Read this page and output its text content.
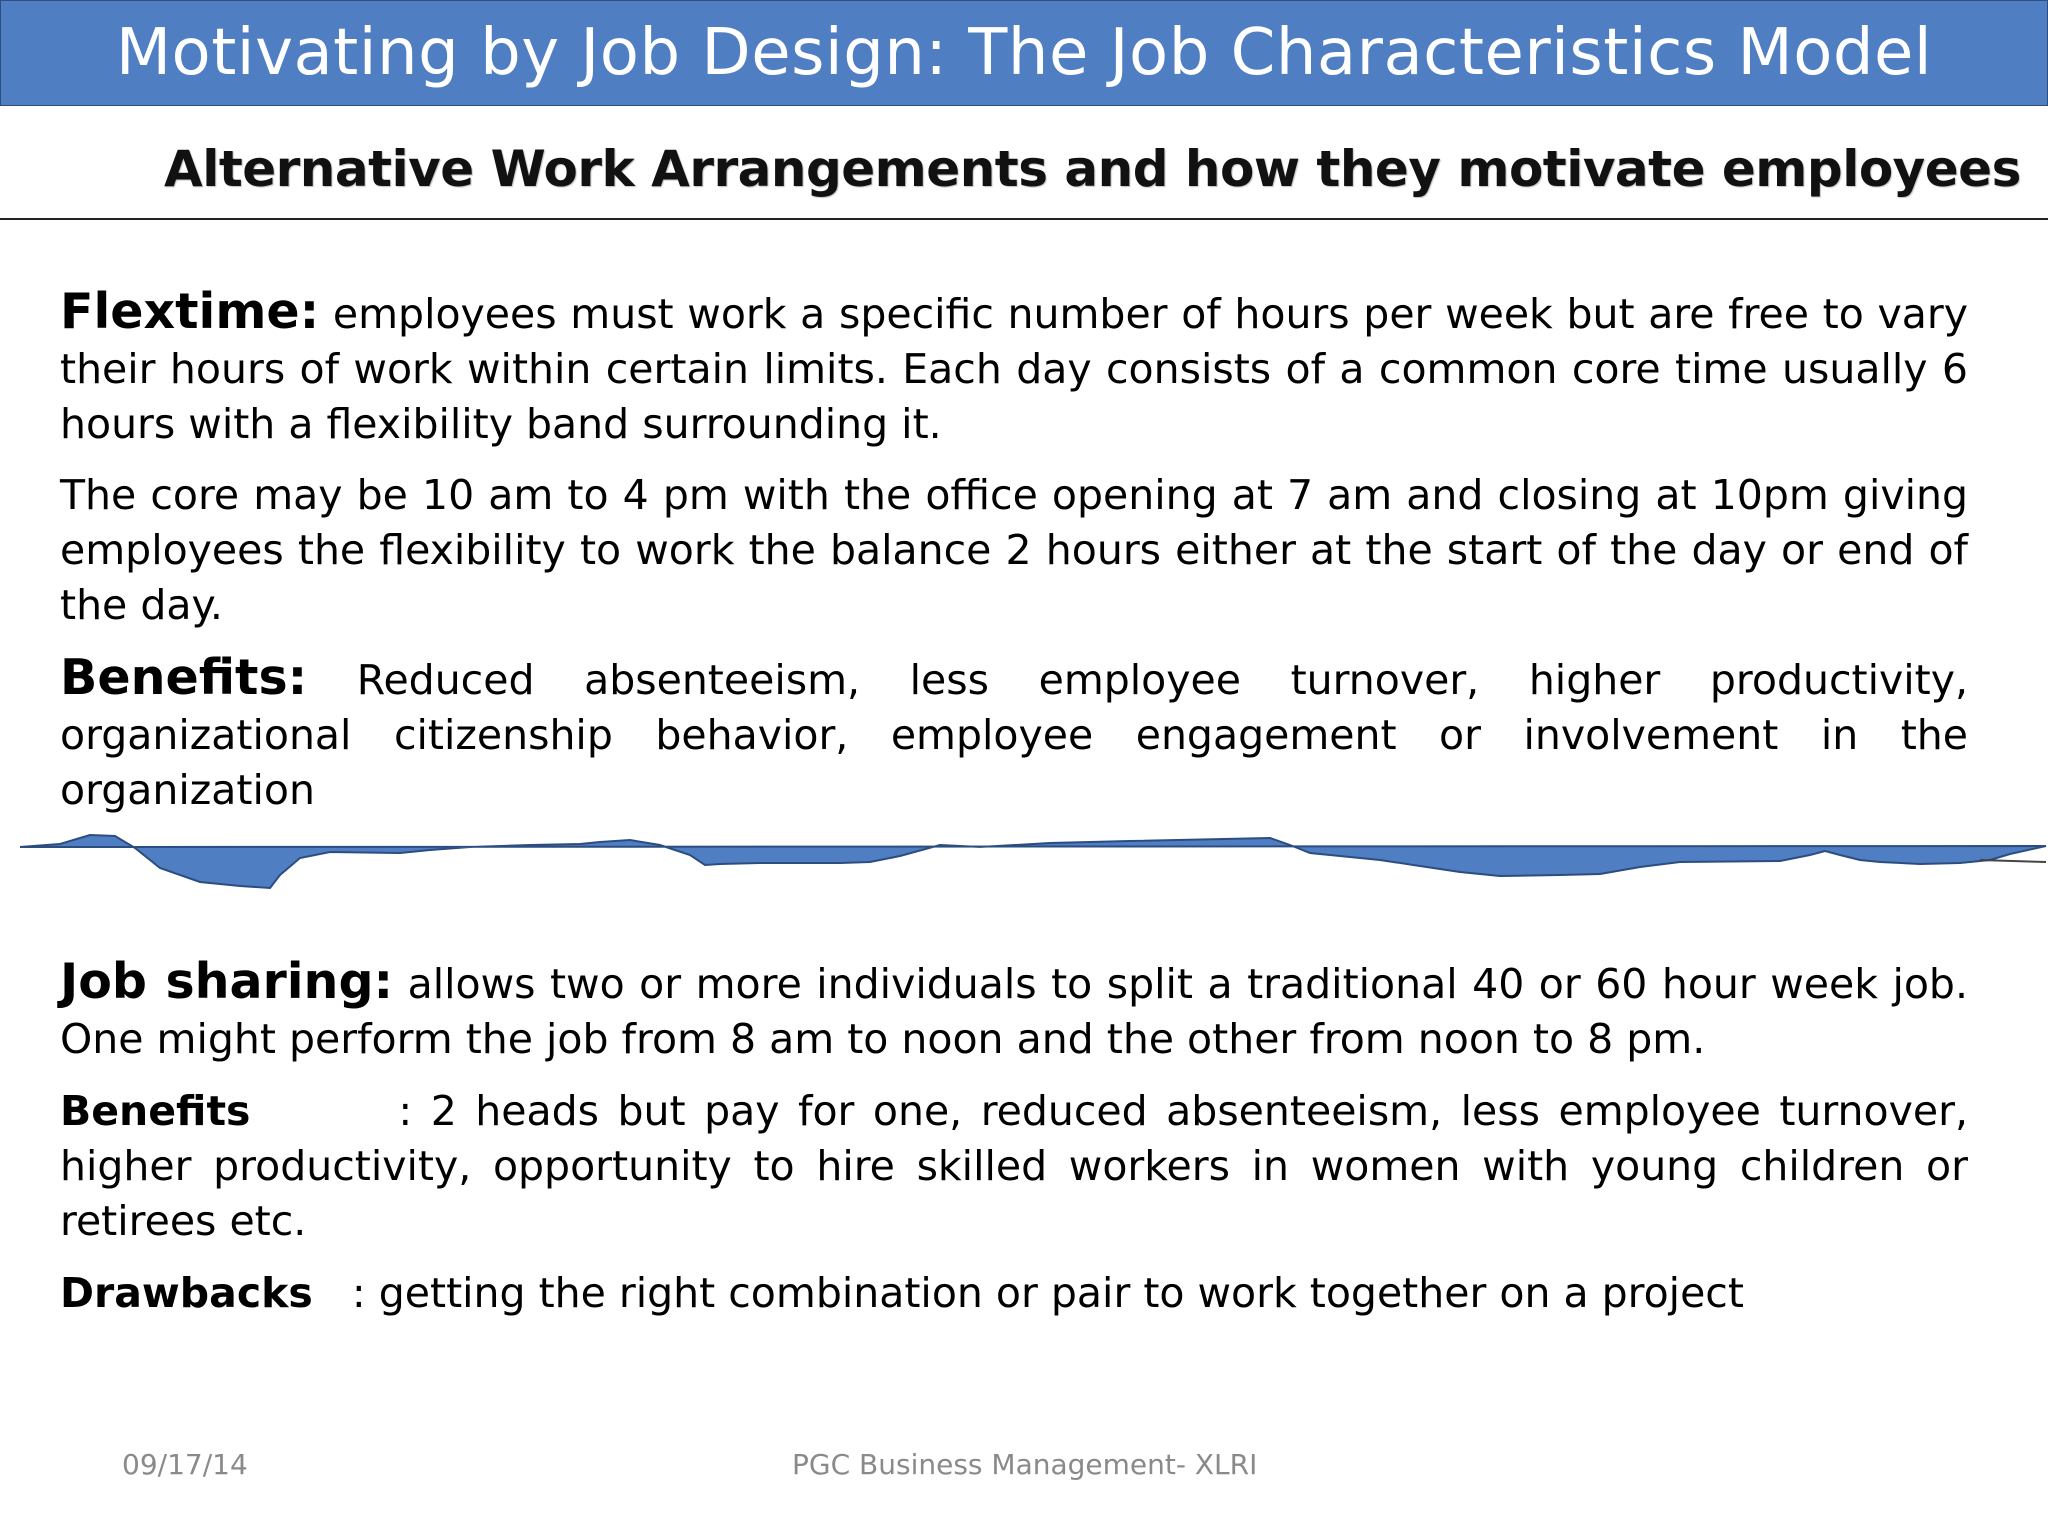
Motivating by Job Design: The Job Characteristics Model
Alternative Work Arrangements and how they motivate employees

Flextime: employees must work a specific number of hours per week but are free to vary their hours of work within certain limits. Each day consists of a common core time usually 6 hours with a flexibility band surrounding it.

The core may be 10 am to 4 pm with the office opening at 7 am and closing at 10pm giving employees the flexibility to work the balance 2 hours either at the start of the day or end of the day.

Benefits: Reduced absenteeism, less employee turnover, higher productivity, organizational citizenship behavior, employee engagement or involvement in the organization

Job sharing: allows two or more individuals to split a traditional 40 or 60 hour week job. One might perform the job from 8 am to noon and the other from noon to 8 pm.

Benefits        : 2 heads but pay for one, reduced absenteeism, less employee turnover, higher productivity, opportunity to hire skilled workers in women with young children or retirees etc.

Drawbacks   : getting the right combination or pair to work together on a project

09/17/14	PGC Business Management- XLRI
